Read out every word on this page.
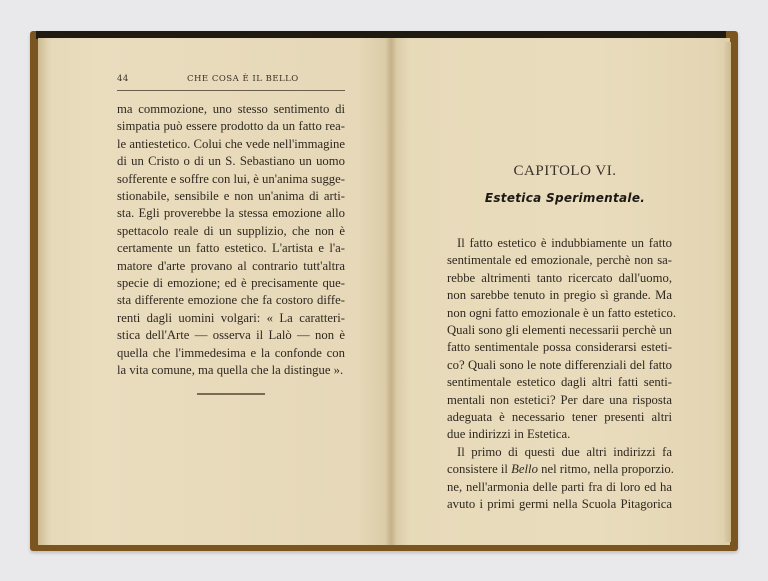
44	CHE COSA È IL BELLO
ma commozione, uno stesso sentimento di
simpatia può essere prodotto da un fatto rea-
le antiestetico. Colui che vede nell'immagine
di un Cristo o di un S. Sebastiano un uomo
sofferente e soffre con lui, è un'anima sugge-
stionabile, sensibile e non un'anima di arti-
sta. Egli proverebbe la stessa emozione allo
spettacolo reale di un supplizio, che non è
certamente un fatto estetico. L'artista e l'a-
matore d'arte provano al contrario tutt'altra
specie di emozione; ed è precisamente que-
sta differente emozione che fa costoro diffe-
renti dagli uomini volgari: « La caratteri-
stica dell'Arte — osserva il Lalò — non è
quella che l'immedesima e la confonde con
la vita comune, ma quella che la distingue ».
CAPITOLO VI.
Estetica Sperimentale.
Il fatto estetico è indubbiamente un fatto
sentimentale ed emozionale, perchè non sa-
rebbe altrimenti tanto ricercato dall'uomo,
non sarebbe tenuto in pregio sì grande. Ma
non ogni fatto emozionale è un fatto estetico.
Quali sono gli elementi necessarii perchè un
fatto sentimentale possa considerarsi esteti-
co? Quali sono le note differenziali del fatto
sentimentale estetico dagli altri fatti senti-
mentali non estetici? Per dare una risposta
adeguata è necessario tener presenti altri
due indirizzi in Estetica.
Il primo di questi due altri indirizzi fa
consistere il Bello nel ritmo, nella proporzio.
ne, nell'armonia delle parti fra di loro ed ha
avuto i primi germi nella Scuola Pitagorica
